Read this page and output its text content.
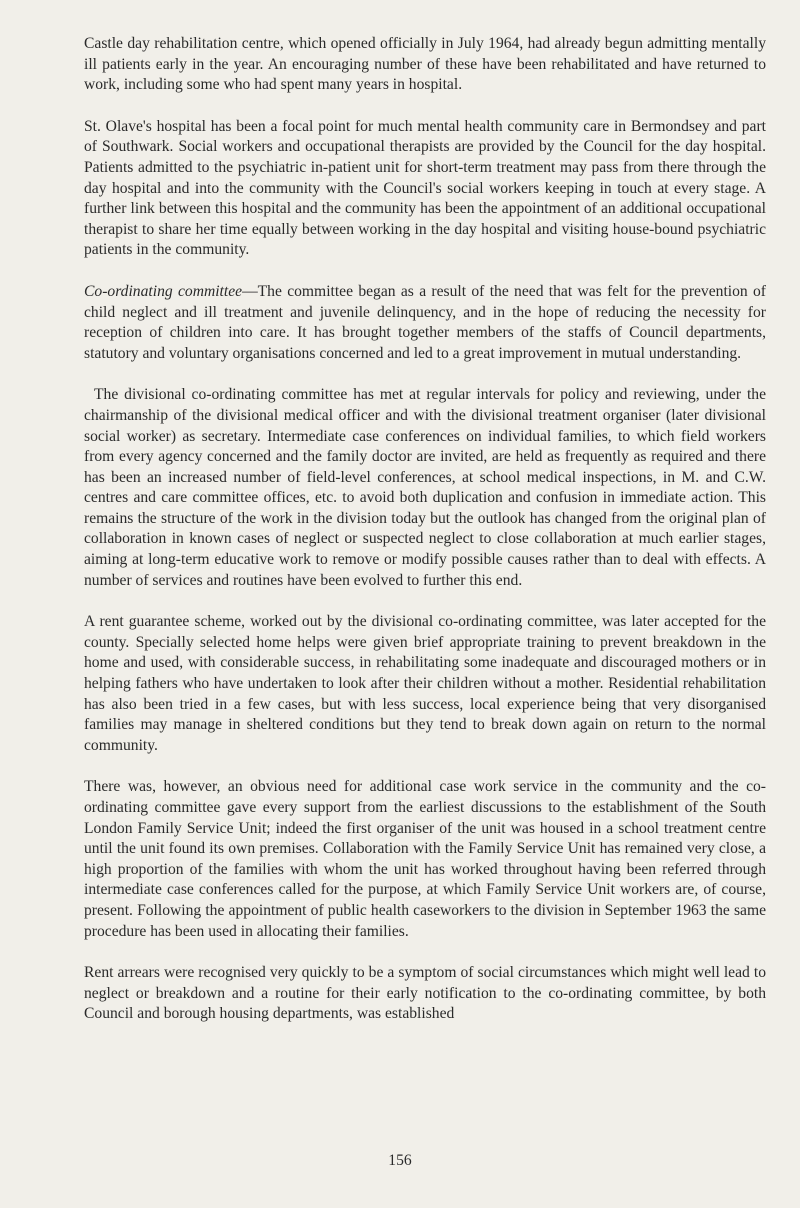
Castle day rehabilitation centre, which opened officially in July 1964, had already begun admitting mentally ill patients early in the year. An encouraging number of these have been rehabilitated and have returned to work, including some who had spent many years in hospital.

St. Olave's hospital has been a focal point for much mental health community care in Bermondsey and part of Southwark. Social workers and occupational therapists are provided by the Council for the day hospital. Patients admitted to the psychiatric in-patient unit for short-term treatment may pass from there through the day hospital and into the community with the Council's social workers keeping in touch at every stage. A further link between this hospital and the community has been the appointment of an additional occupational therapist to share her time equally between working in the day hospital and visiting house-bound psychiatric patients in the community.

Co-ordinating committee—The committee began as a result of the need that was felt for the prevention of child neglect and ill treatment and juvenile delinquency, and in the hope of reducing the necessity for reception of children into care. It has brought together members of the staffs of Council departments, statutory and voluntary organisations concerned and led to a great improvement in mutual understanding.

The divisional co-ordinating committee has met at regular intervals for policy and reviewing, under the chairmanship of the divisional medical officer and with the divisional treatment organiser (later divisional social worker) as secretary. Intermediate case conferences on individual families, to which field workers from every agency concerned and the family doctor are invited, are held as frequently as required and there has been an increased number of field-level conferences, at school medical inspections, in M. and C.W. centres and care committee offices, etc. to avoid both duplication and confusion in immediate action. This remains the structure of the work in the division today but the outlook has changed from the original plan of collaboration in known cases of neglect or suspected neglect to close collaboration at much earlier stages, aiming at long-term educative work to remove or modify possible causes rather than to deal with effects. A number of services and routines have been evolved to further this end.

A rent guarantee scheme, worked out by the divisional co-ordinating committee, was later accepted for the county. Specially selected home helps were given brief appropriate training to prevent breakdown in the home and used, with considerable success, in rehabilitating some inadequate and discouraged mothers or in helping fathers who have undertaken to look after their children without a mother. Residential rehabilitation has also been tried in a few cases, but with less success, local experience being that very disorganised families may manage in sheltered conditions but they tend to break down again on return to the normal community.

There was, however, an obvious need for additional case work service in the community and the co-ordinating committee gave every support from the earliest discussions to the establishment of the South London Family Service Unit; indeed the first organiser of the unit was housed in a school treatment centre until the unit found its own premises. Collaboration with the Family Service Unit has remained very close, a high proportion of the families with whom the unit has worked throughout having been referred through intermediate case conferences called for the purpose, at which Family Service Unit workers are, of course, present. Following the appointment of public health caseworkers to the division in September 1963 the same procedure has been used in allocating their families.

Rent arrears were recognised very quickly to be a symptom of social circumstances which might well lead to neglect or breakdown and a routine for their early notification to the co-ordinating committee, by both Council and borough housing departments, was established

156
